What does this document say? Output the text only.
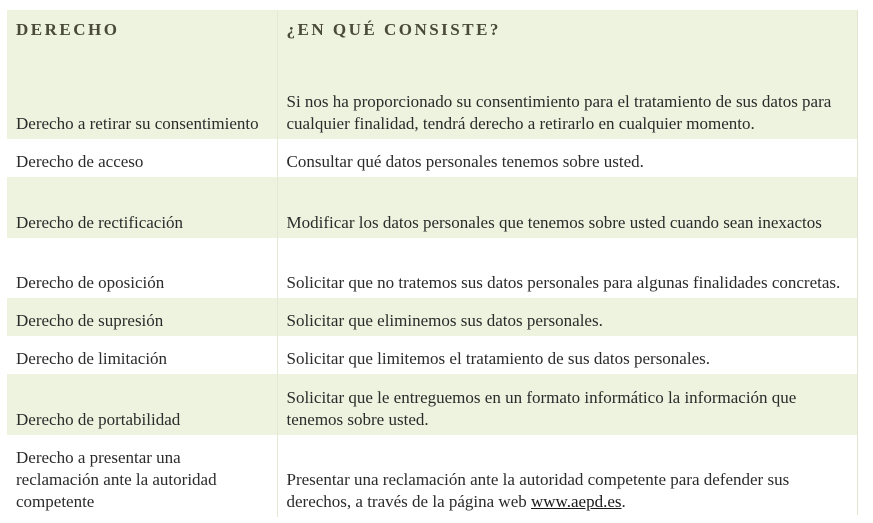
DERECHO	¿EN QUÉ CONSISTE?
Derecho a retirar su consentimiento	Si nos ha proporcionado su consentimiento para el tratamiento de sus datos para cualquier finalidad, tendrá derecho a retirarlo en cualquier momento.
Derecho de acceso	Consultar qué datos personales tenemos sobre usted.
Derecho de rectificación	Modificar los datos personales que tenemos sobre usted cuando sean inexactos
Derecho de oposición	Solicitar que no tratemos sus datos personales para algunas finalidades concretas.
Derecho de supresión	Solicitar que eliminemos sus datos personales.
Derecho de limitación	Solicitar que limitemos el tratamiento de sus datos personales.
Derecho de portabilidad	Solicitar que le entreguemos en un formato informático la información que tenemos sobre usted.
Derecho a presentar una reclamación ante la autoridad competente	Presentar una reclamación ante la autoridad competente para defender sus derechos, a través de la página web www.aepd.es.
